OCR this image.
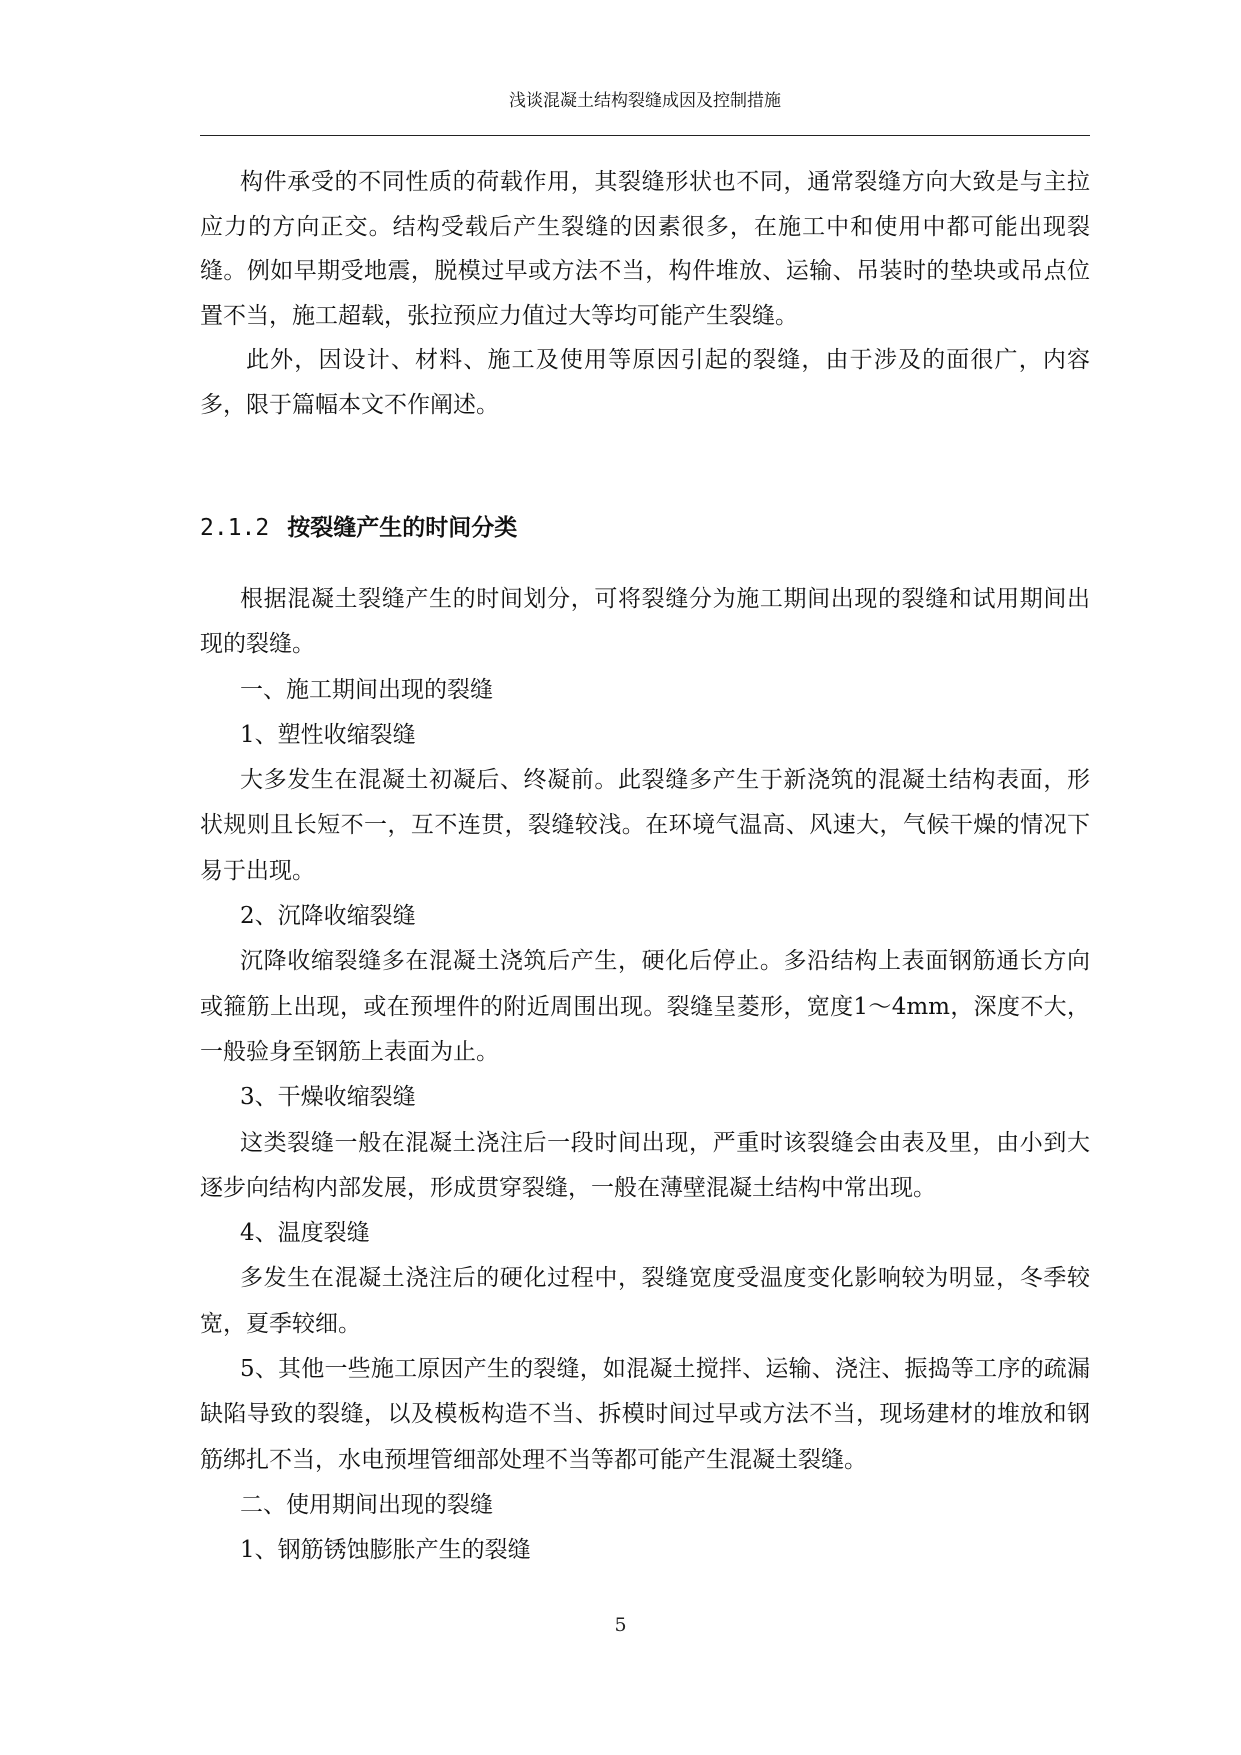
浅谈混凝土结构裂缝成因及控制措施

构件承受的不同性质的荷载作用，其裂缝形状也不同，通常裂缝方向大致是与主拉应力的方向正交。结构受载后产生裂缝的因素很多，在施工中和使用中都可能出现裂缝。例如早期受地震，脱模过早或方法不当，构件堆放、运输、吊装时的垫块或吊点位置不当，施工超载，张拉预应力值过大等均可能产生裂缝。

此外，因设计、材料、施工及使用等原因引起的裂缝，由于涉及的面很广，内容多，限于篇幅本文不作阐述。

2.1.2 按裂缝产生的时间分类

根据混凝土裂缝产生的时间划分，可将裂缝分为施工期间出现的裂缝和试用期间出现的裂缝。

一、施工期间出现的裂缝

1、塑性收缩裂缝

大多发生在混凝土初凝后、终凝前。此裂缝多产生于新浇筑的混凝土结构表面，形状规则且长短不一，互不连贯，裂缝较浅。在环境气温高、风速大，气候干燥的情况下易于出现。

2、沉降收缩裂缝

沉降收缩裂缝多在混凝土浇筑后产生，硬化后停止。多沿结构上表面钢筋通长方向或箍筋上出现，或在预埋件的附近周围出现。裂缝呈菱形，宽度1～4mm，深度不大，一般验身至钢筋上表面为止。

3、干燥收缩裂缝

这类裂缝一般在混凝土浇注后一段时间出现，严重时该裂缝会由表及里，由小到大逐步向结构内部发展，形成贯穿裂缝，一般在薄壁混凝土结构中常出现。

4、温度裂缝

多发生在混凝土浇注后的硬化过程中，裂缝宽度受温度变化影响较为明显，冬季较宽，夏季较细。

5、其他一些施工原因产生的裂缝，如混凝土搅拌、运输、浇注、振捣等工序的疏漏缺陷导致的裂缝，以及模板构造不当、拆模时间过早或方法不当，现场建材的堆放和钢筋绑扎不当，水电预埋管细部处理不当等都可能产生混凝土裂缝。

二、使用期间出现的裂缝

1、钢筋锈蚀膨胀产生的裂缝

5
